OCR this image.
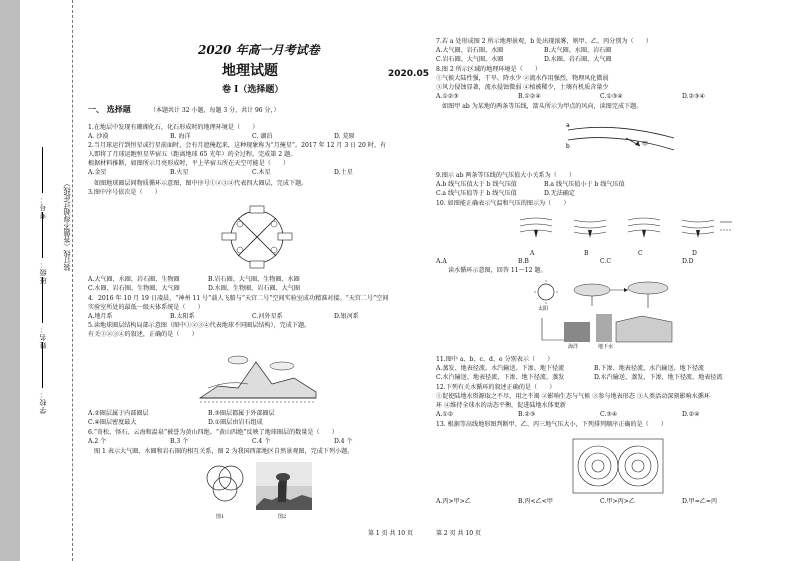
学校：
姓名：
班级：
考号： 装订线（答题不得超过此线）
2020 年高一月考试卷
地理试题	2020.05
卷 I（选择题）
一、 选择题	（本题共计 32 小题，每题 3 分，共计 96 分，）
1.在地层中发现有珊瑚化石，化石形成时的地理环境是（　　）
A. 沙漠	B. 海洋	C. 湖泊	D. 荒原
2.当月球运行到恒星或行星前面时，会有月遮掩起来，这种现象称为“月掩星”。2017 年 12 月 3 日 20 时，有
人即将了月球运跑恒星毕宿五（距离地球 65 光年）的全过程。完成第 2 题。
根据材料推断，如图所示月亮形成时，平上毕宿五所在天空可能是（　　）
A.金星	B.火星	C.木星	D.土星
如图地球圈层间物质循环示意图，图中序号①②③④代表四大圈层，完成下题。
3.图中序号依次是（　　）
A.大气圈、水圈、岩石圈、生物圈	B.岩石圈、大气圈、生物圈、水圈
C.水圈、岩石圈、生物圈、大气圈	D.水圈、生物圈、岩石圈、大气圈
4．2016 年 10 月 19 日凌晨，“神州 11 号”载人飞船与“天宫二号”空间实验室成功精准对接。“天宫二号”空间
实验室所处的最低一级天体系统是（　　）
A.地月系	B.太阳系	C.河外星系	D.银河系
5.读地球圈层结构局部示意图（图中①②③④代表地球不同圈层结构），完成下题。
有关①②③④的叙述，正确的是（　　）
A.②圈层属于内部圈层	B.③圈层都属于外部圈层
C.④圈层密度最大	D.①圈层由岩石组成
6.“奇松、怪石、云海和温泉”被誉为黄山四绝。“黄山四绝”反映了地球圈层的数量是（　　）
A.2 个	B.3 个	C.4 个	D.4 个
图 1 表示大气圈、水圈和岩石圈的相互关系，图 2 为我国西部地区自然景观图，完成下列小题。
图1	图2
第 1 页 共 10 页
7.若 a 处形成图 2 所示地理景观，b 处出现浓雾，则甲、乙、丙分别为（　　）
A.大气圈、岩石圈、水圈	B.大气圈、水圈、岩石圈
C.岩石圈、大气圈、水圈	D.水圈、岩石圈、大气圈
8.图 2 所示区域的地理环境是（　　）
①气候大陆性强，干旱、降水少 ②流水作用强烈，物理风化微弱
③风力侵蚀显著，流水侵蚀微弱 ④植被稀少，土壤有机质含量少
A.①②③	B.①②④	C.①③④	D.②③④
如图甲 ab 为某地的两条等压线，箭头所示为甲点的风向，读图完成下题。
a
b	甲
9.图示 ab 两条等压线的气压值大小关系为（　　）
A.b 线气压值大于 b 线气压值	B.a 线气压值小于 b 线气压值
C.a 线气压值等于 b 线气压值	D.无法确定
10. 如图能正确表示气温和气压的图示为（　　）
A	B	C	D
A.A	B.B	C.C	D.D
读水循环示意图，回答 11～12 题。
太阳
海洋	地下水
11.图中 a、b、c、d、e 分别表示（　　）
A.蒸发、地表径流、水汽输送、下渗、地下径流	B.下渗、地表径流、水汽输送、地下径流
C.水汽输送、地表径流、下渗、地下径流、蒸发	D.水汽输送、蒸发、下渗、地下径流、地表径流
12.下列有关水循环的叙述正确的是（　　）
①促使陆地水资源取之不尽，用之不竭 ②影响生态与气候 ③参与地表形态 ③人类活动深刻影响水循环
环 ④维持全球水的动态平衡，促进陆地水体更新
A.①②	B.②③	C.③④	D.②④
13. 根据等高线地形图判断甲、乙、丙三地气压大小，下列排列顺序正确的是（　　）
A.丙>甲>乙	B.丙<乙<甲	C.甲>丙>乙	D.甲=乙=丙
第 2 页 共 10 页
